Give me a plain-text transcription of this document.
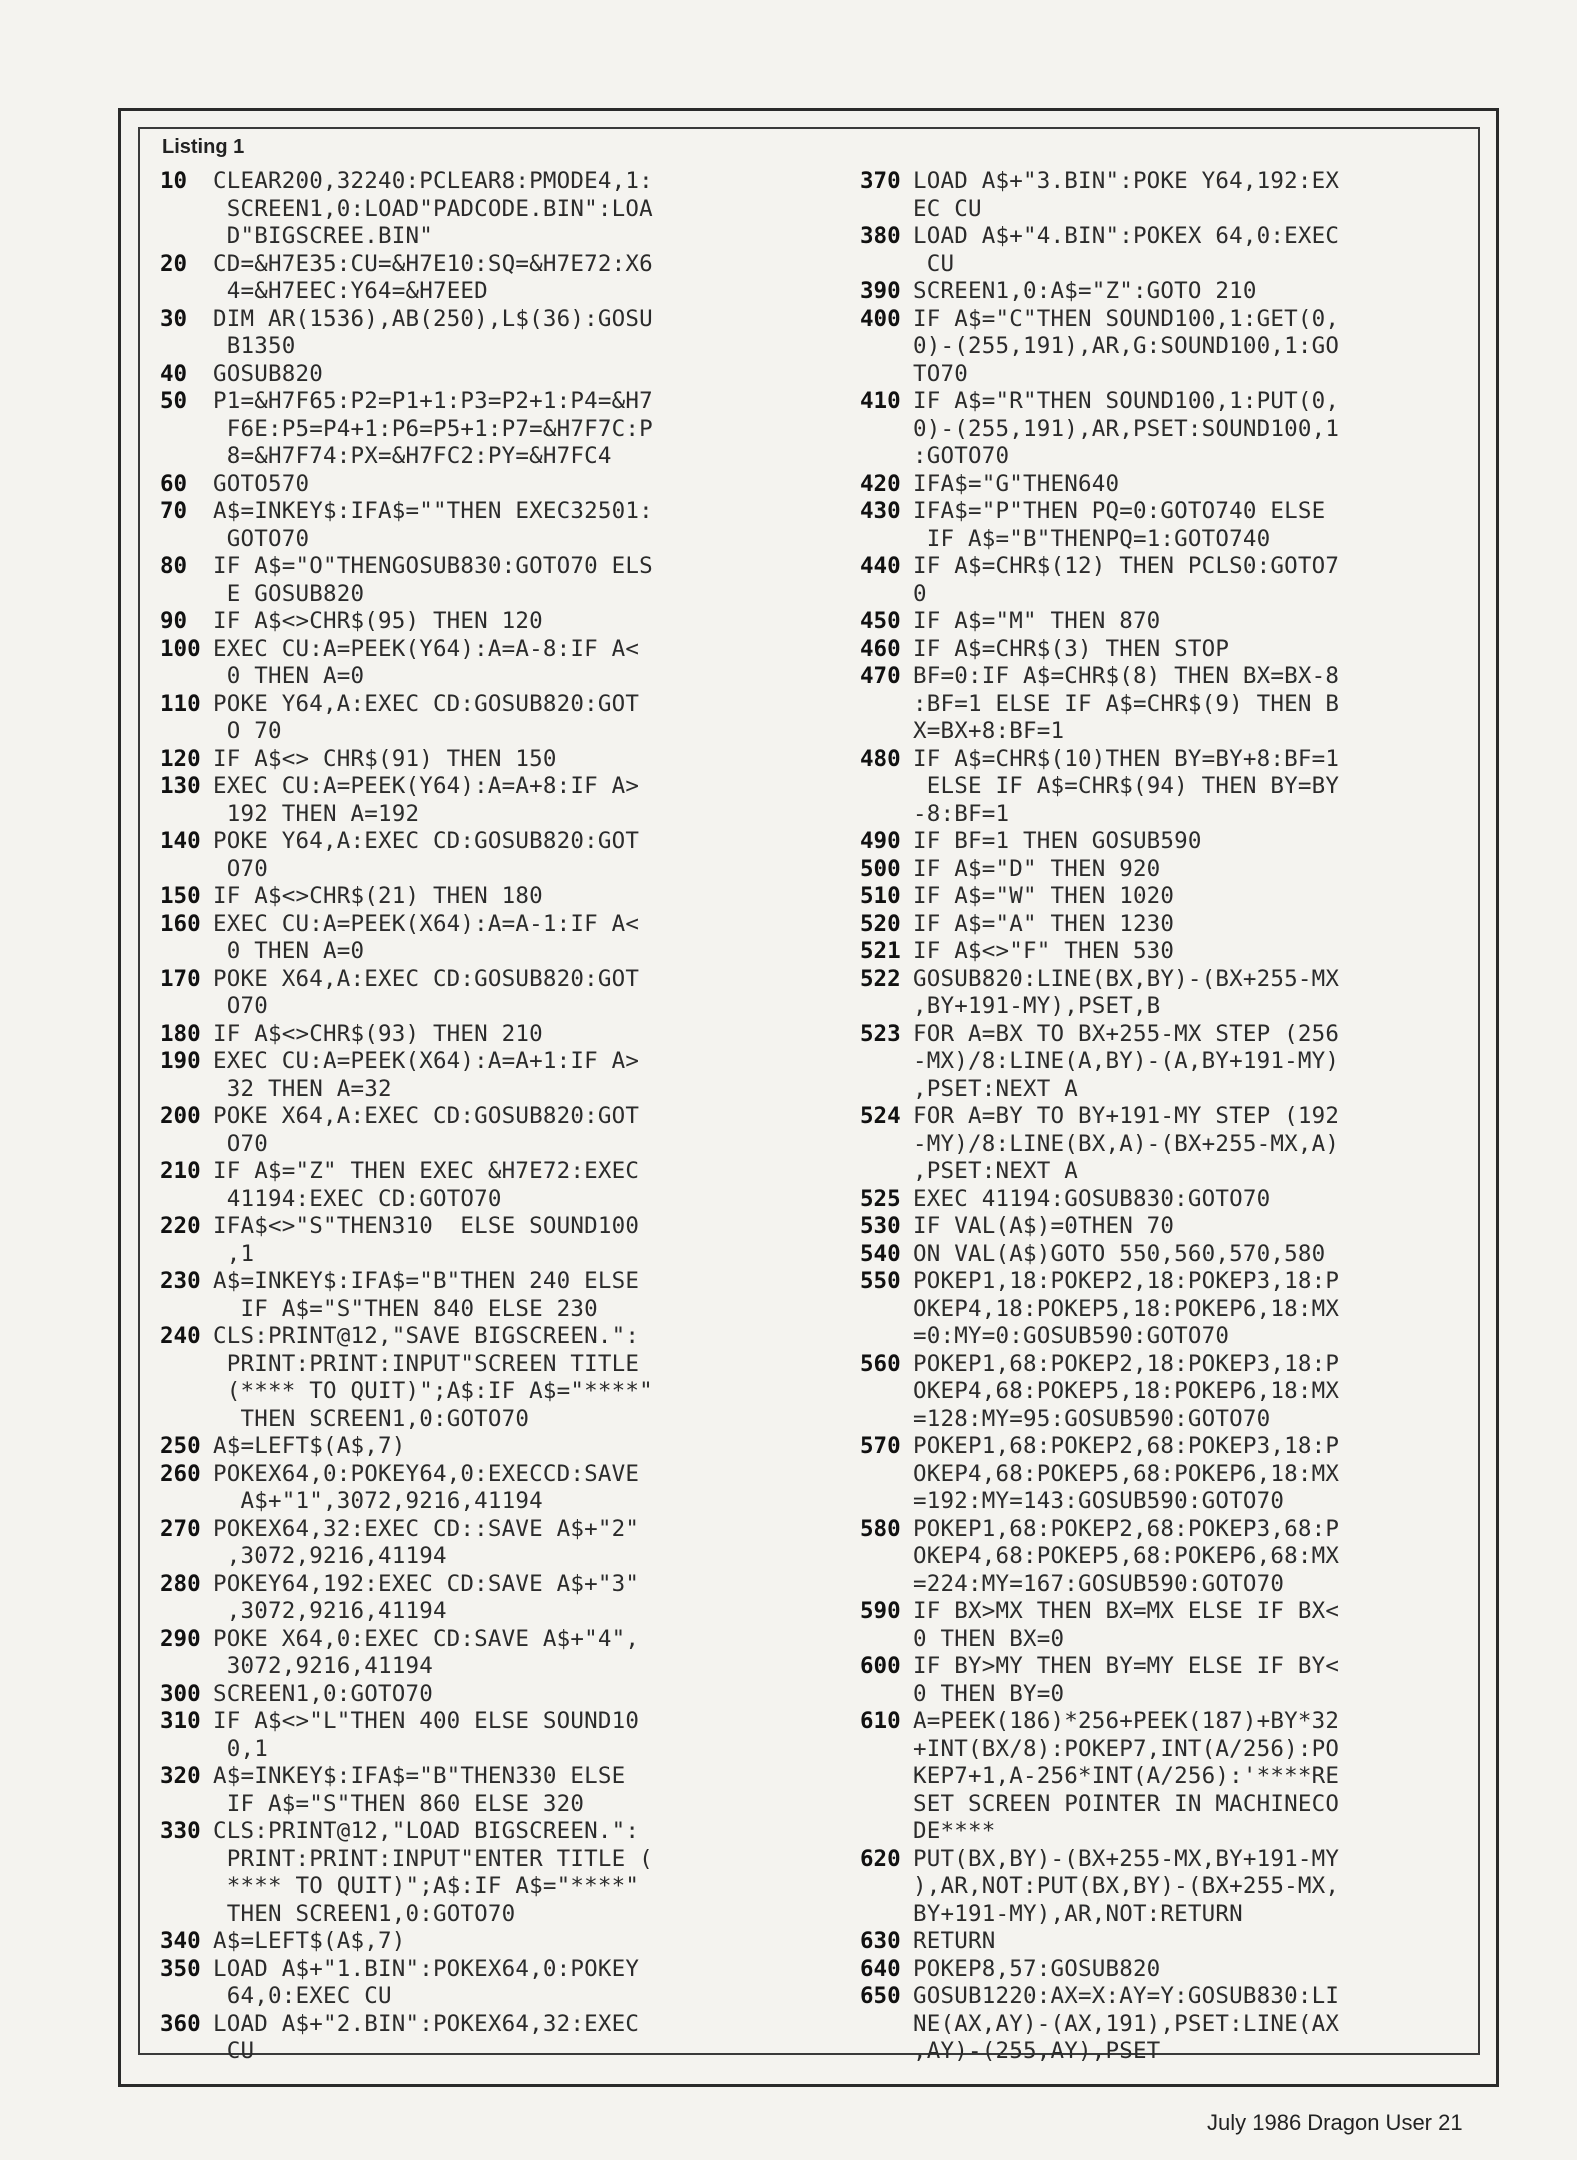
Listing 1
10	CLEAR200,32240:PCLEAR8:PMODE4,1:
SCREEN1,0:LOAD"PADCODE.BIN":LOA
D"BIGSCREE.BIN"
20	CD=&H7E35:CU=&H7E10:SQ=&H7E72:X6
4=&H7EEC:Y64=&H7EED
30	DIM AR(1536),AB(250),L$(36):GOSU
B1350
40	GOSUB820
50	P1=&H7F65:P2=P1+1:P3=P2+1:P4=&H7
F6E:P5=P4+1:P6=P5+1:P7=&H7F7C:P
8=&H7F74:PX=&H7FC2:PY=&H7FC4
60	GOTO570
70	A$=INKEY$:IFA$=""THEN EXEC32501:
GOTO70
80	IF A$="O"THENGOSUB830:GOTO70 ELS
E GOSUB820
90	IF A$<>CHR$(95) THEN 120
100 EXEC CU:A=PEEK(Y64):A=A-8:IF A<
0 THEN A=0
110 POKE Y64,A:EXEC CD:GOSUB820:GOT
O 70
120 IF A$<> CHR$(91) THEN 150
130 EXEC CU:A=PEEK(Y64):A=A+8:IF A>
192 THEN A=192
140 POKE Y64,A:EXEC CD:GOSUB820:GOT
O70
150 IF A$<>CHR$(21) THEN 180
160 EXEC CU:A=PEEK(X64):A=A-1:IF A<
0 THEN A=0
170 POKE X64,A:EXEC CD:GOSUB820:GOT
O70
180 IF A$<>CHR$(93) THEN 210
190 EXEC CU:A=PEEK(X64):A=A+1:IF A>
32 THEN A=32
200 POKE X64,A:EXEC CD:GOSUB820:GOT
O70
210 IF A$="Z" THEN EXEC &H7E72:EXEC
41194:EXEC CD:GOTO70
220 IFA$<>"S"THEN310  ELSE SOUND100
,1
230 A$=INKEY$:IFA$="B"THEN 240 ELSE
IF A$="S"THEN 840 ELSE 230
240 CLS:PRINT@12,"SAVE BIGSCREEN.":
PRINT:PRINT:INPUT"SCREEN TITLE
(**** TO QUIT)";A$:IF A$="****"
THEN SCREEN1,0:GOTO70
250 A$=LEFT$(A$,7)
260 POKEX64,0:POKEY64,0:EXECCD:SAVE
A$+"1",3072,9216,41194
270 POKEX64,32:EXEC CD::SAVE A$+"2"
,3072,9216,41194
280 POKEY64,192:EXEC CD:SAVE A$+"3"
,3072,9216,41194
290 POKE X64,0:EXEC CD:SAVE A$+"4",
3072,9216,41194
300 SCREEN1,0:GOTO70
310 IF A$<>"L"THEN 400 ELSE SOUND10
0,1
320 A$=INKEY$:IFA$="B"THEN330 ELSE
IF A$="S"THEN 860 ELSE 320
330 CLS:PRINT@12,"LOAD BIGSCREEN.":
PRINT:PRINT:INPUT"ENTER TITLE (
**** TO QUIT)";A$:IF A$="****"
THEN SCREEN1,0:GOTO70
340 A$=LEFT$(A$,7)
350 LOAD A$+"1.BIN":POKEX64,0:POKEY
64,0:EXEC CU
360 LOAD A$+"2.BIN":POKEX64,32:EXEC
CU
370 LOAD A$+"3.BIN":POKE Y64,192:EX
EC CU
380 LOAD A$+"4.BIN":POKEX 64,0:EXEC
CU
390 SCREEN1,0:A$="Z":GOTO 210
400 IF A$="C"THEN SOUND100,1:GET(0,
0)-(255,191),AR,G:SOUND100,1:GO
TO70
410 IF A$="R"THEN SOUND100,1:PUT(0,
0)-(255,191),AR,PSET:SOUND100,1
:GOTO70
420 IFA$="G"THEN640
430 IFA$="P"THEN PQ=0:GOTO740 ELSE
IF A$="B"THENPQ=1:GOTO740
440 IF A$=CHR$(12) THEN PCLS0:GOTO7
0
450 IF A$="M" THEN 870
460 IF A$=CHR$(3) THEN STOP
470 BF=0:IF A$=CHR$(8) THEN BX=BX-8
:BF=1 ELSE IF A$=CHR$(9) THEN B
X=BX+8:BF=1
480 IF A$=CHR$(10)THEN BY=BY+8:BF=1
ELSE IF A$=CHR$(94) THEN BY=BY
-8:BF=1
490 IF BF=1 THEN GOSUB590
500 IF A$="D" THEN 920
510 IF A$="W" THEN 1020
520 IF A$="A" THEN 1230
521 IF A$<>"F" THEN 530
522 GOSUB820:LINE(BX,BY)-(BX+255-MX
,BY+191-MY),PSET,B
523 FOR A=BX TO BX+255-MX STEP (256
-MX)/8:LINE(A,BY)-(A,BY+191-MY)
,PSET:NEXT A
524 FOR A=BY TO BY+191-MY STEP (192
-MY)/8:LINE(BX,A)-(BX+255-MX,A)
,PSET:NEXT A
525 EXEC 41194:GOSUB830:GOTO70
530 IF VAL(A$)=0THEN 70
540 ON VAL(A$)GOTO 550,560,570,580
550 POKEP1,18:POKEP2,18:POKEP3,18:P
OKEP4,18:POKEP5,18:POKEP6,18:MX
=0:MY=0:GOSUB590:GOTO70
560 POKEP1,68:POKEP2,18:POKEP3,18:P
OKEP4,68:POKEP5,18:POKEP6,18:MX
=128:MY=95:GOSUB590:GOTO70
570 POKEP1,68:POKEP2,68:POKEP3,18:P
OKEP4,68:POKEP5,68:POKEP6,18:MX
=192:MY=143:GOSUB590:GOTO70
580 POKEP1,68:POKEP2,68:POKEP3,68:P
OKEP4,68:POKEP5,68:POKEP6,68:MX
=224:MY=167:GOSUB590:GOTO70
590 IF BX>MX THEN BX=MX ELSE IF BX<
0 THEN BX=0
600 IF BY>MY THEN BY=MY ELSE IF BY<
0 THEN BY=0
610 A=PEEK(186)*256+PEEK(187)+BY*32
+INT(BX/8):POKEP7,INT(A/256):PO
KEP7+1,A-256*INT(A/256):'****RE
SET SCREEN POINTER IN MACHINECO
DE****
620 PUT(BX,BY)-(BX+255-MX,BY+191-MY
),AR,NOT:PUT(BX,BY)-(BX+255-MX,
BY+191-MY),AR,NOT:RETURN
630 RETURN
640 POKEP8,57:GOSUB820
650 GOSUB1220:AX=X:AY=Y:GOSUB830:LI
NE(AX,AY)-(AX,191),PSET:LINE(AX
,AY)-(255,AY),PSET
July 1986 Dragon User 21
